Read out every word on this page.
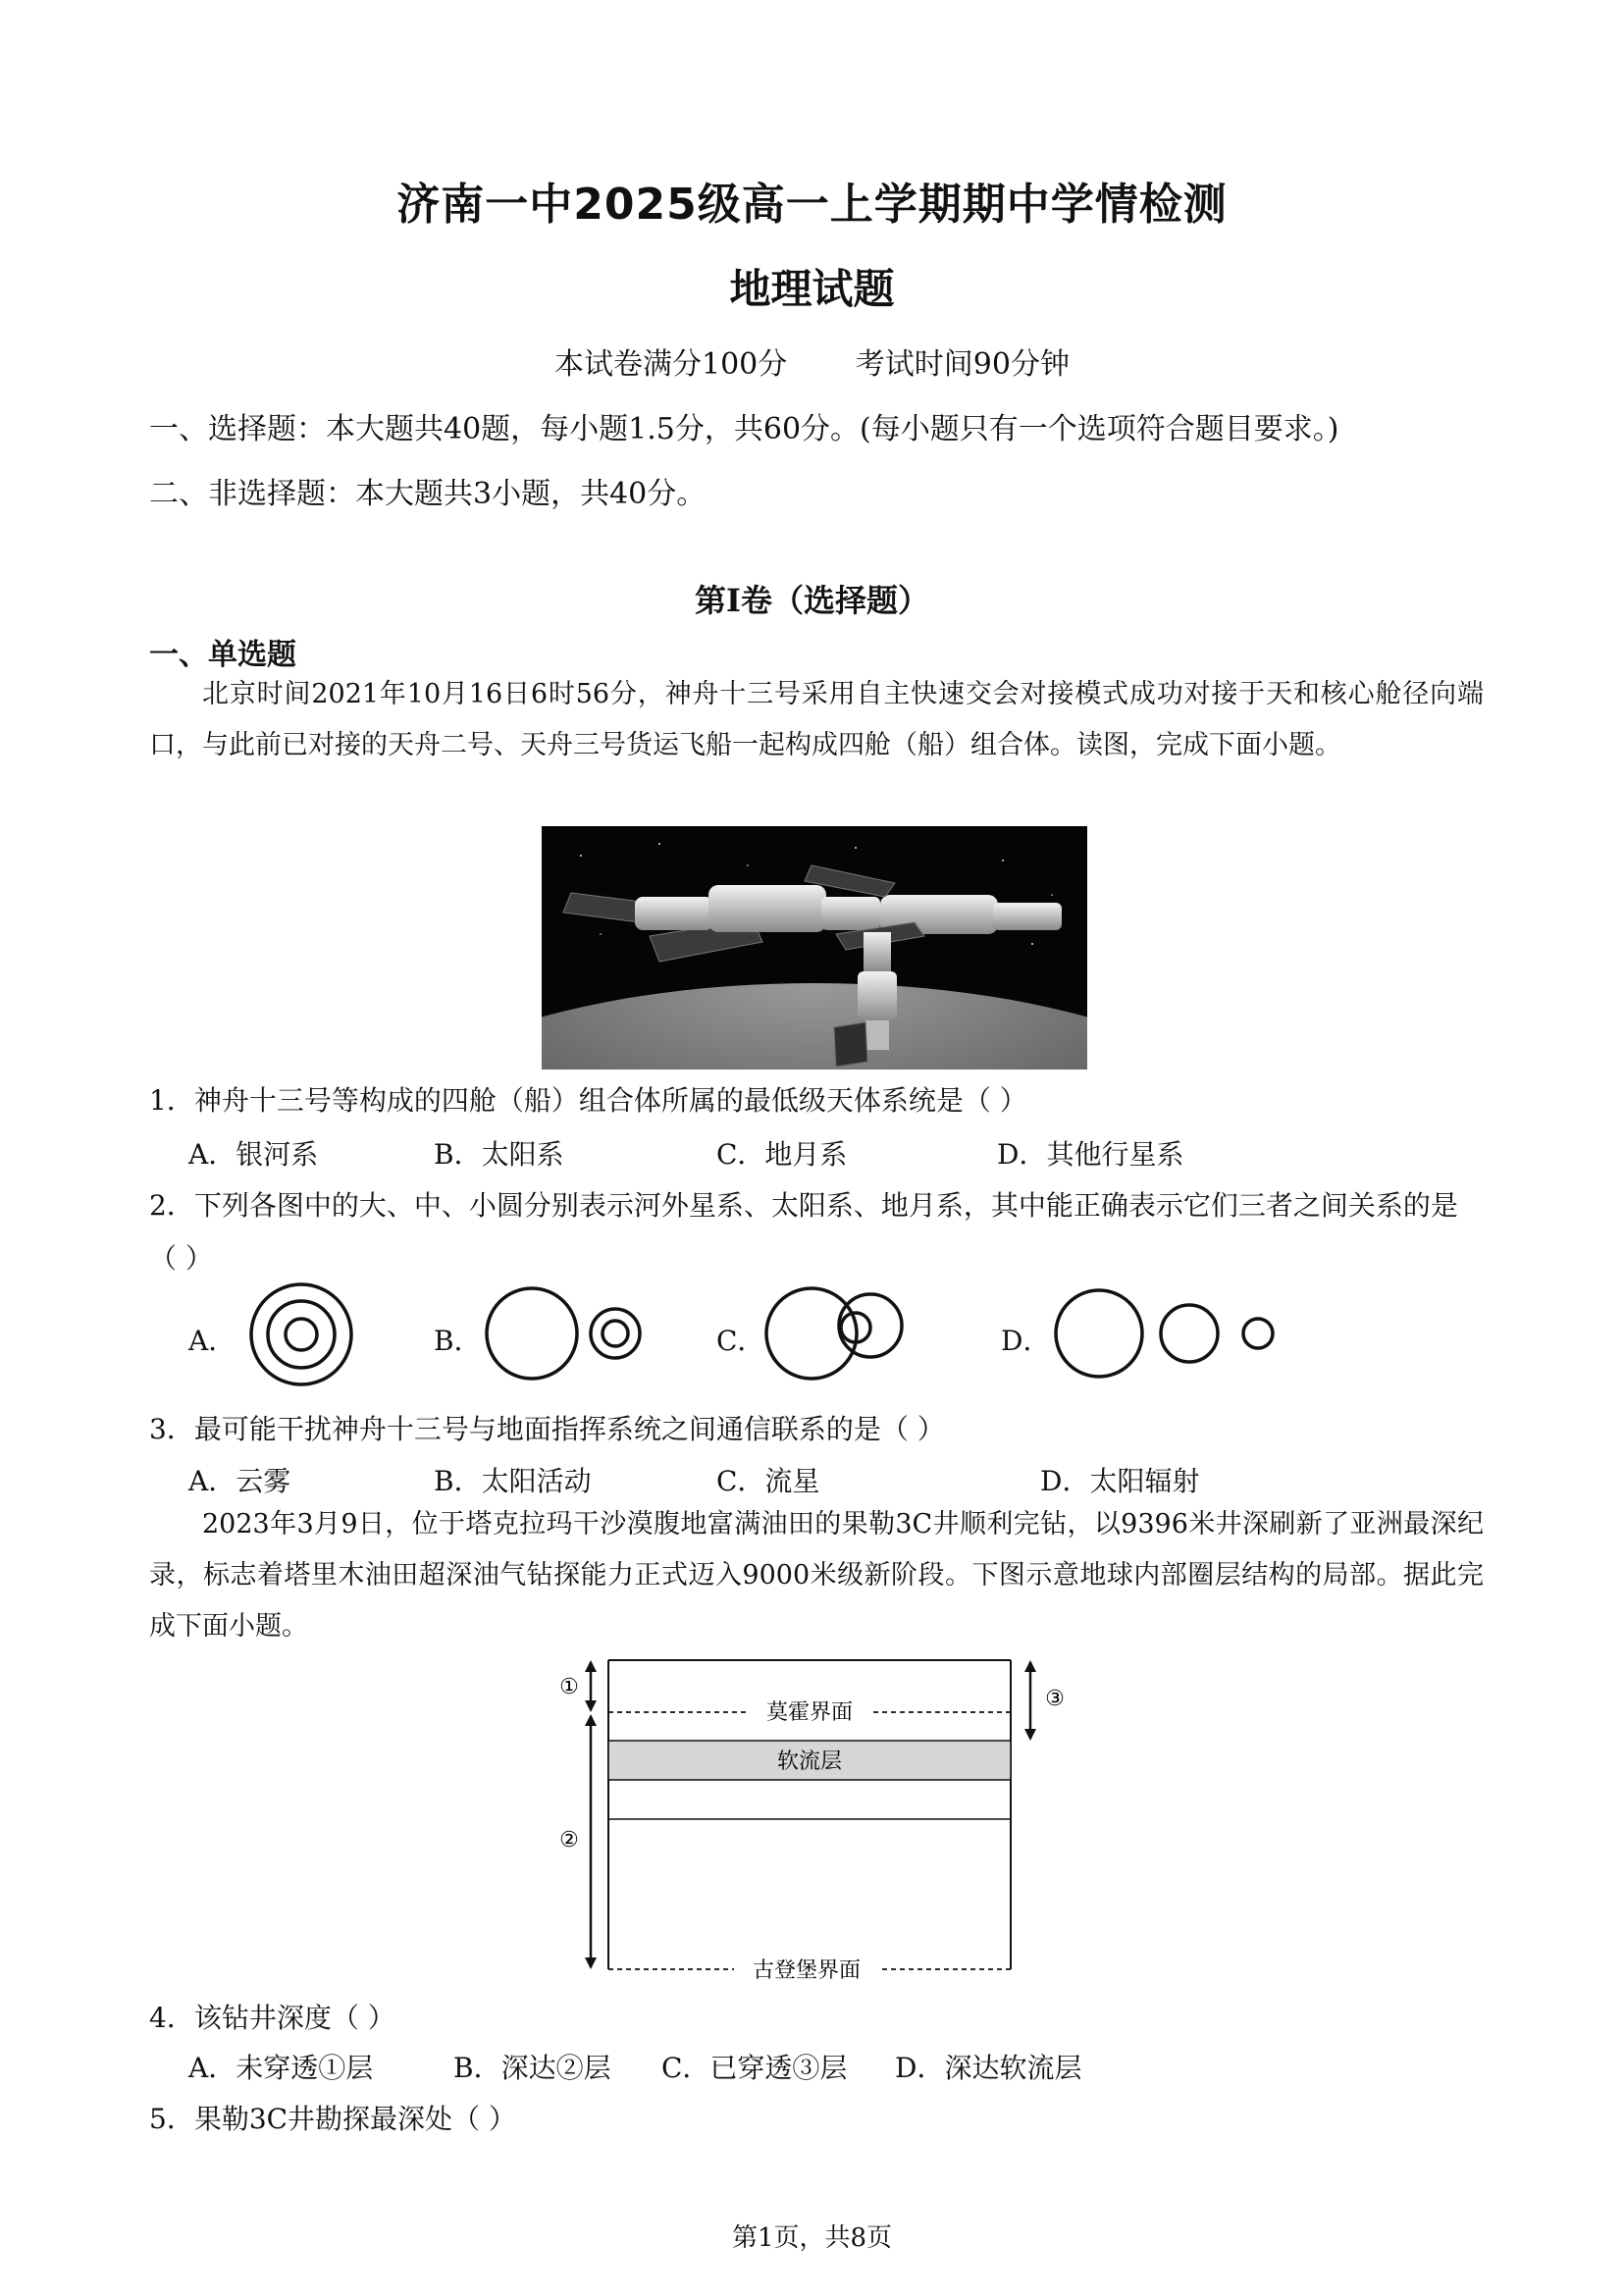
济南一中2025级高一上学期期中学情检测
地理试题
本试卷满分100分 考试时间90分钟
一、选择题：本大题共40题，每小题1.5分，共60分。(每小题只有一个选项符合题目要求。)
二、非选择题：本大题共3小题，共40分。
第I卷（选择题）
一、单选题

北京时间2021年10月16日6时56分，神舟十三号采用自主快速交会对接模式成功对接于天和核心舱径向端口，与此前已对接的天舟二号、天舟三号货运飞船一起构成四舱（船）组合体。读图，完成下面小题。

1．神舟十三号等构成的四舱（船）组合体所属的最低级天体系统是（ ）
A．银河系	B．太阳系	C．地月系	D．其他行星系
2．下列各图中的大、中、小圆分别表示河外星系、太阳系、地月系，其中能正确表示它们三者之间关系的是（ ）
A．	B．	C．	D．
3．最可能干扰神舟十三号与地面指挥系统之间通信联系的是（ ）
A．云雾	B．太阳活动	C．流星	D．太阳辐射

2023年3月9日，位于塔克拉玛干沙漠腹地富满油田的果勒3C井顺利完钻，以9396米井深刷新了亚洲最深纪录，标志着塔里木油田超深油气钻探能力正式迈入9000米级新阶段。下图示意地球内部圈层结构的局部。据此完成下面小题。

莫霍界面
软流层
古登堡界面
①
②
③
4．该钻井深度（ ）
A．未穿透①层	B．深达②层 C．已穿透③层 D．深达软流层
5．果勒3C井勘探最深处（ ）
第1页，共8页
